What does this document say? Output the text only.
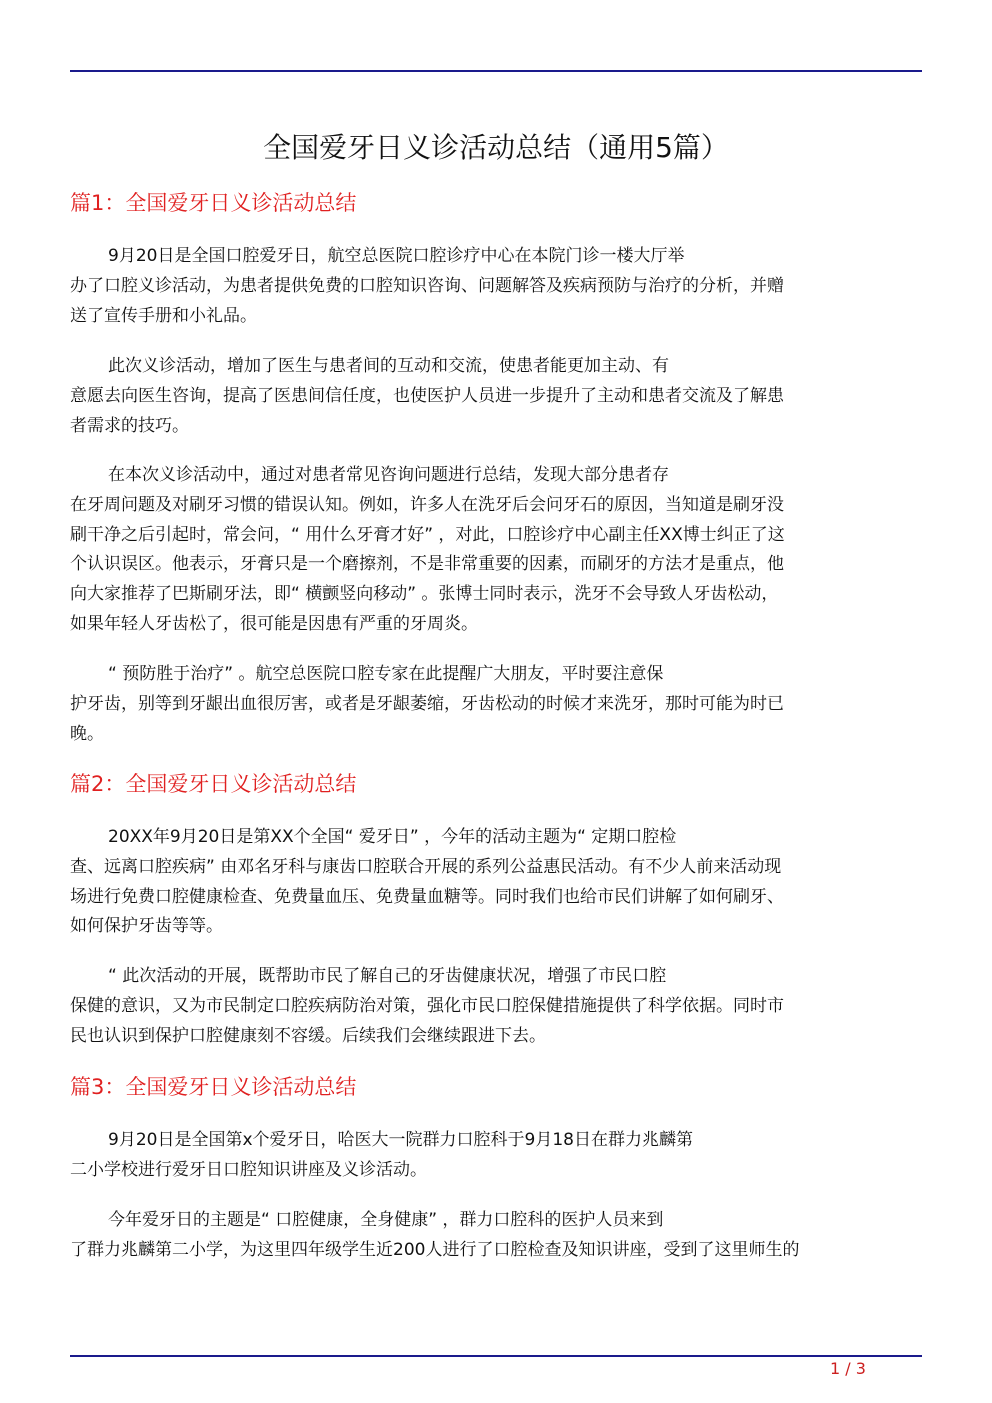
全国爱牙日义诊活动总结（通用5篇）
篇1：全国爱牙日义诊活动总结
9月20日是全国口腔爱牙日，航空总医院口腔诊疗中心在本院门诊一楼大厅举
办了口腔义诊活动，为患者提供免费的口腔知识咨询、问题解答及疾病预防与治疗的分析，并赠
送了宣传手册和小礼品。
此次义诊活动，增加了医生与患者间的互动和交流，使患者能更加主动、有
意愿去向医生咨询，提高了医患间信任度，也使医护人员进一步提升了主动和患者交流及了解患
者需求的技巧。
在本次义诊活动中，通过对患者常见咨询问题进行总结，发现大部分患者存
在牙周问题及对刷牙习惯的错误认知。例如，许多人在洗牙后会问牙石的原因，当知道是刷牙没
刷干净之后引起时，常会问，“ 用什么牙膏才好” ，对此，口腔诊疗中心副主任XX博士纠正了这
个认识误区。他表示，牙膏只是一个磨擦剂，不是非常重要的因素，而刷牙的方法才是重点，他
向大家推荐了巴斯刷牙法，即“ 横颤竖向移动” 。张博士同时表示，洗牙不会导致人牙齿松动，
如果年轻人牙齿松了，很可能是因患有严重的牙周炎。
“ 预防胜于治疗” 。航空总医院口腔专家在此提醒广大朋友，平时要注意保
护牙齿，别等到牙龈出血很厉害，或者是牙龈萎缩，牙齿松动的时候才来洗牙，那时可能为时已
晚。
篇2：全国爱牙日义诊活动总结
20XX年9月20日是第XX个全国“ 爱牙日” ，今年的活动主题为“ 定期口腔检
查、远离口腔疾病” 由邓名牙科与康齿口腔联合开展的系列公益惠民活动。有不少人前来活动现
场进行免费口腔健康检查、免费量血压、免费量血糖等。同时我们也给市民们讲解了如何刷牙、
如何保护牙齿等等。
“ 此次活动的开展，既帮助市民了解自己的牙齿健康状况，增强了市民口腔
保健的意识，又为市民制定口腔疾病防治对策，强化市民口腔保健措施提供了科学依据。同时市
民也认识到保护口腔健康刻不容缓。后续我们会继续跟进下去。
篇3：全国爱牙日义诊活动总结
9月20日是全国第x个爱牙日，哈医大一院群力口腔科于9月18日在群力兆麟第
二小学校进行爱牙日口腔知识讲座及义诊活动。
今年爱牙日的主题是“ 口腔健康，全身健康” ，群力口腔科的医护人员来到
了群力兆麟第二小学，为这里四年级学生近200人进行了口腔检查及知识讲座，受到了这里师生的
1 / 3
